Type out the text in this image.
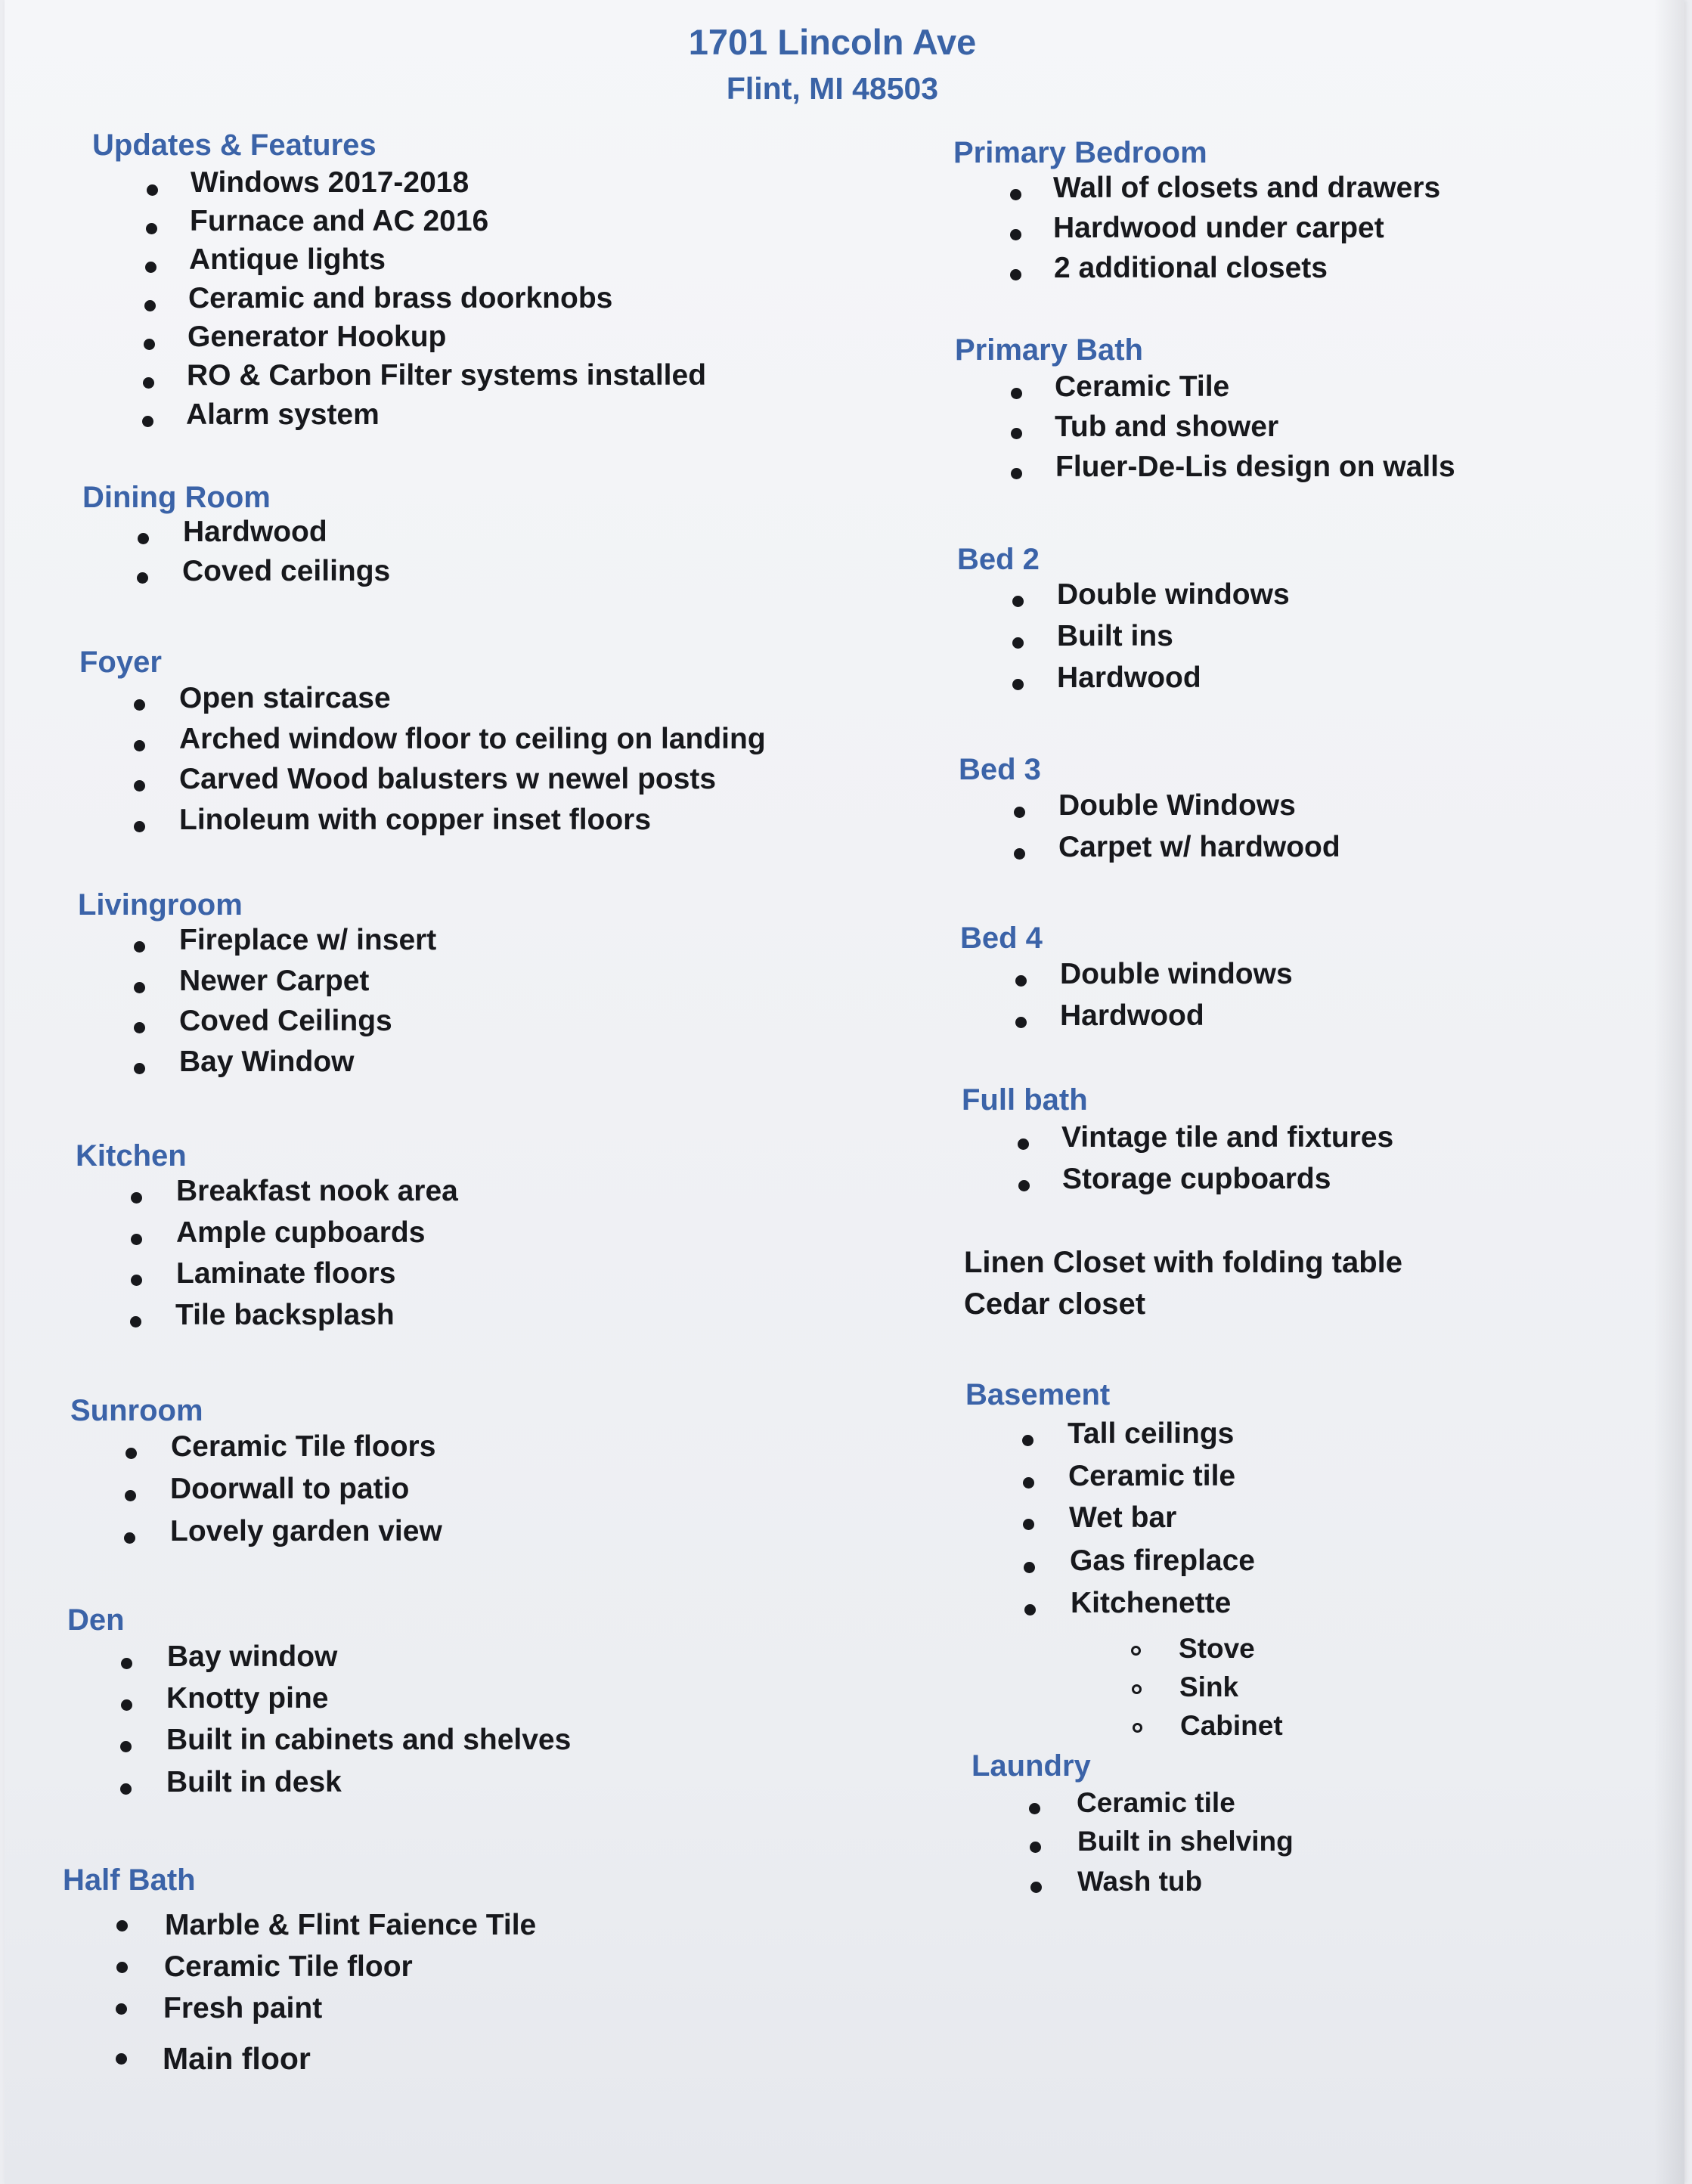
1701 Lincoln Ave
Flint, MI 48503

Updates & Features

Windows 2017-2018

Furnace and AC 2016

Antique lights

Ceramic and brass doorknobs

Generator Hookup

RO & Carbon Filter systems installed

Alarm system

Dining Room

Hardwood

Coved ceilings

Foyer

Open staircase

Arched window floor to ceiling on landing

Carved Wood balusters w newel posts

Linoleum with copper inset floors

Livingroom

Fireplace w/ insert

Newer Carpet

Coved Ceilings

Bay Window

Kitchen

Breakfast nook area

Ample cupboards

Laminate floors

Tile backsplash

Sunroom

Ceramic Tile floors

Doorwall to patio

Lovely garden view

Den

Bay window

Knotty pine

Built in cabinets and shelves

Built in desk

Half Bath

Marble & Flint Faience Tile

Ceramic Tile floor

Fresh paint

Main floor

Primary Bedroom

Wall of closets and drawers

Hardwood under carpet

2 additional closets

Primary Bath

Ceramic Tile

Tub and shower

Fluer-De-Lis design on walls

Bed 2

Double windows

Built ins

Hardwood

Bed 3

Double Windows

Carpet w/ hardwood

Bed 4

Double windows

Hardwood

Full bath

Vintage tile and fixtures

Storage cupboards

Linen Closet with folding table

Cedar closet

Basement

Tall ceilings

Ceramic tile

Wet bar

Gas fireplace

Kitchenette

Stove

Sink

Cabinet

Laundry

Ceramic tile

Built in shelving

Wash tub
